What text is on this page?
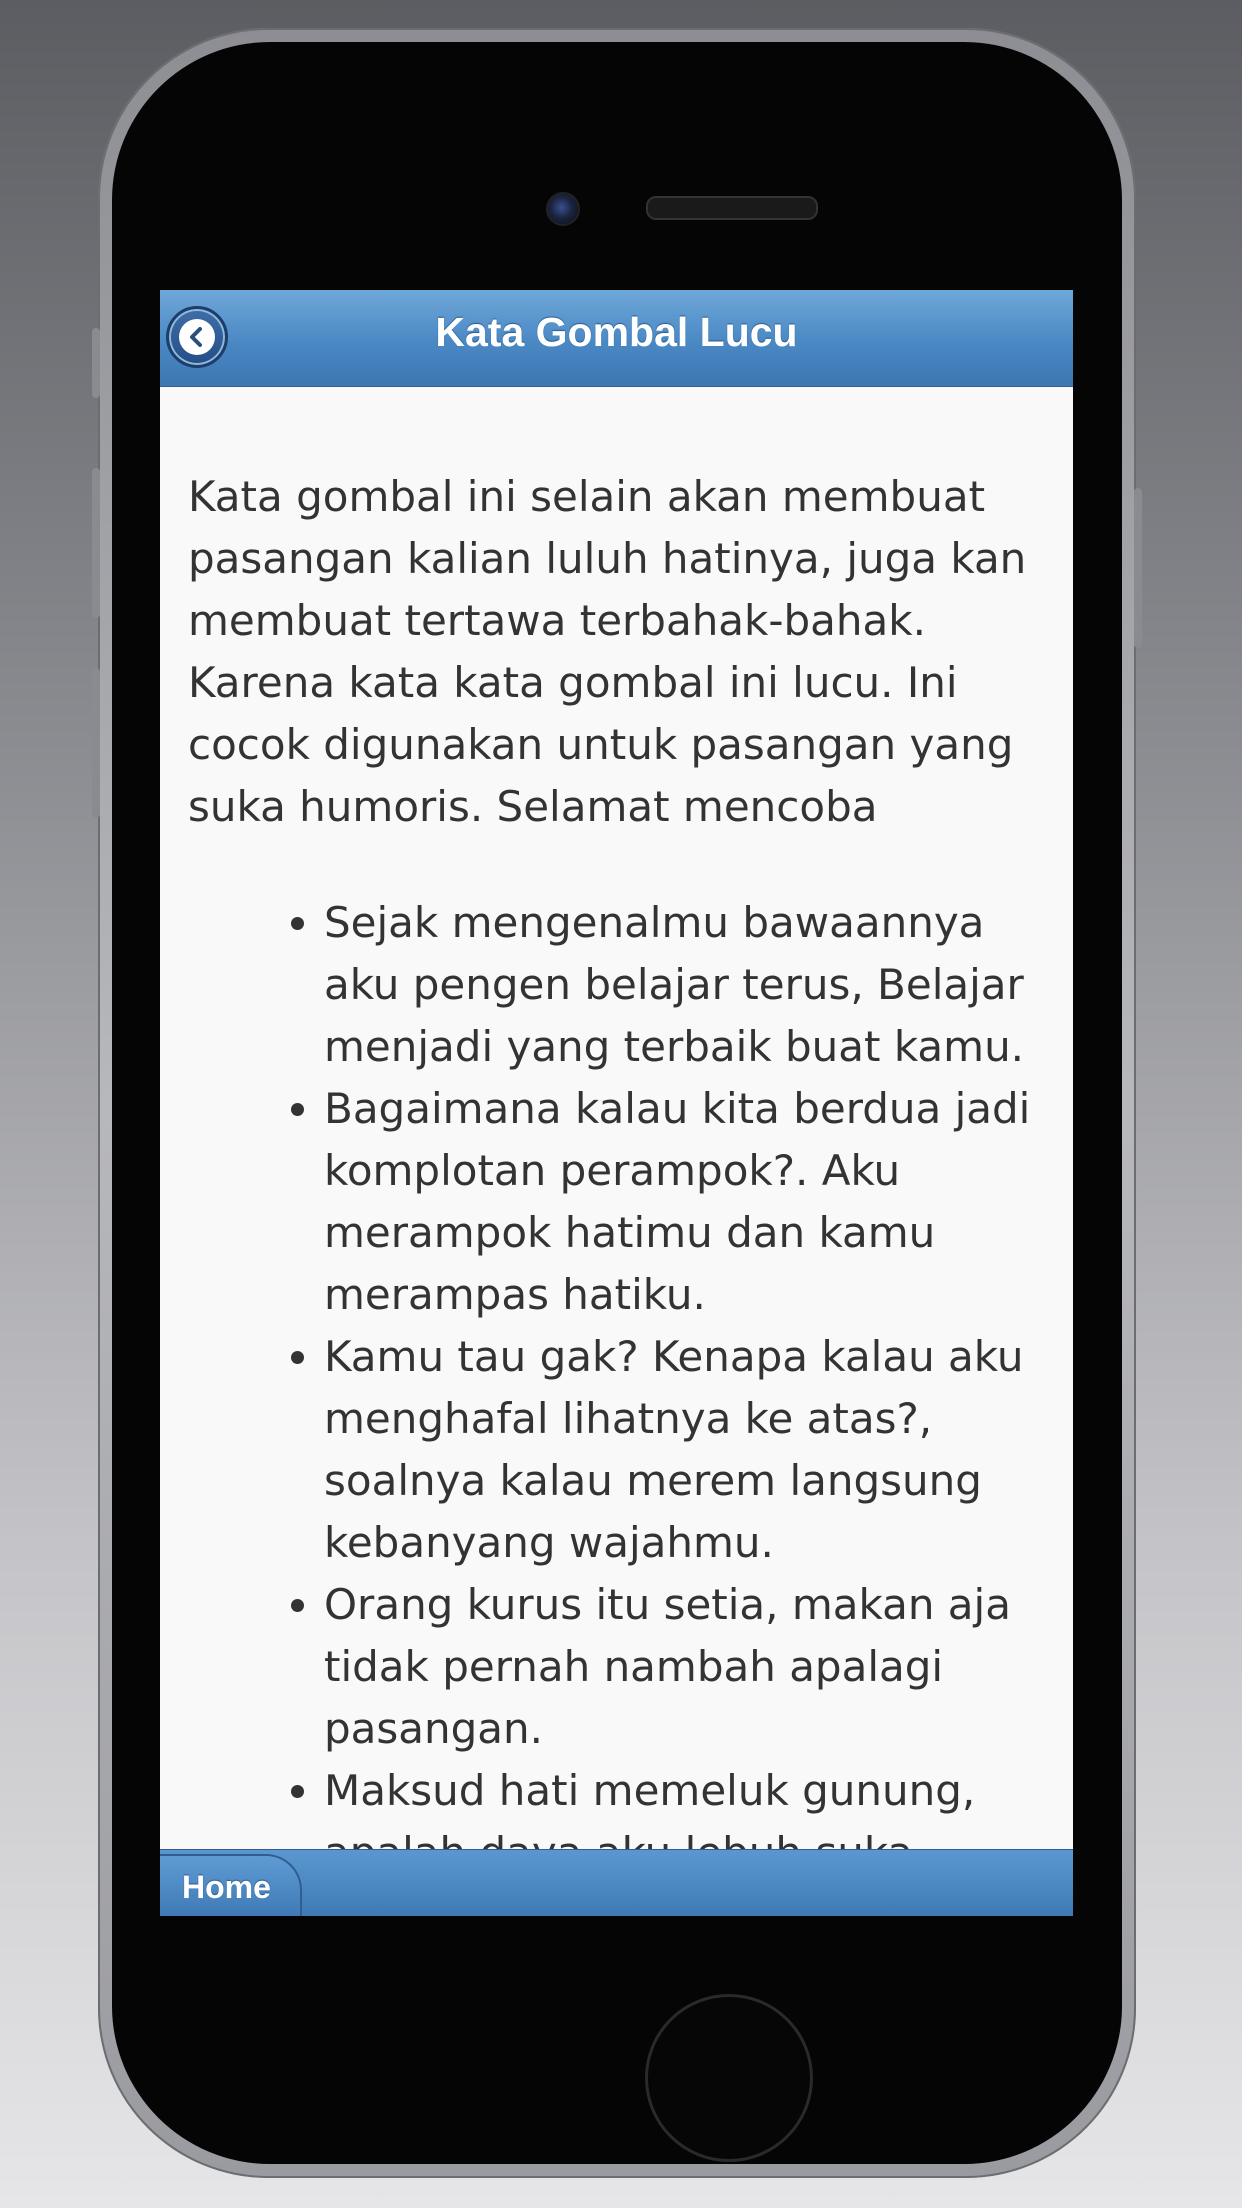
Kata Gombal Lucu

Kata gombal ini selain akan membuat pasangan kalian luluh hatinya, juga kan membuat tertawa terbahak-bahak. Karena kata kata gombal ini lucu. Ini cocok digunakan untuk pasangan yang suka humoris. Selamat mencoba

• Sejak mengenalmu bawaannya aku pengen belajar terus, Belajar menjadi yang terbaik buat kamu.
• Bagaimana kalau kita berdua jadi komplotan perampok?. Aku merampok hatimu dan kamu merampas hatiku.
• Kamu tau gak? Kenapa kalau aku menghafal lihatnya ke atas?, soalnya kalau merem langsung kebanyang wajahmu.
• Orang kurus itu setia, makan aja tidak pernah nambah apalagi pasangan.
• Maksud hati memeluk gunung,
Home
